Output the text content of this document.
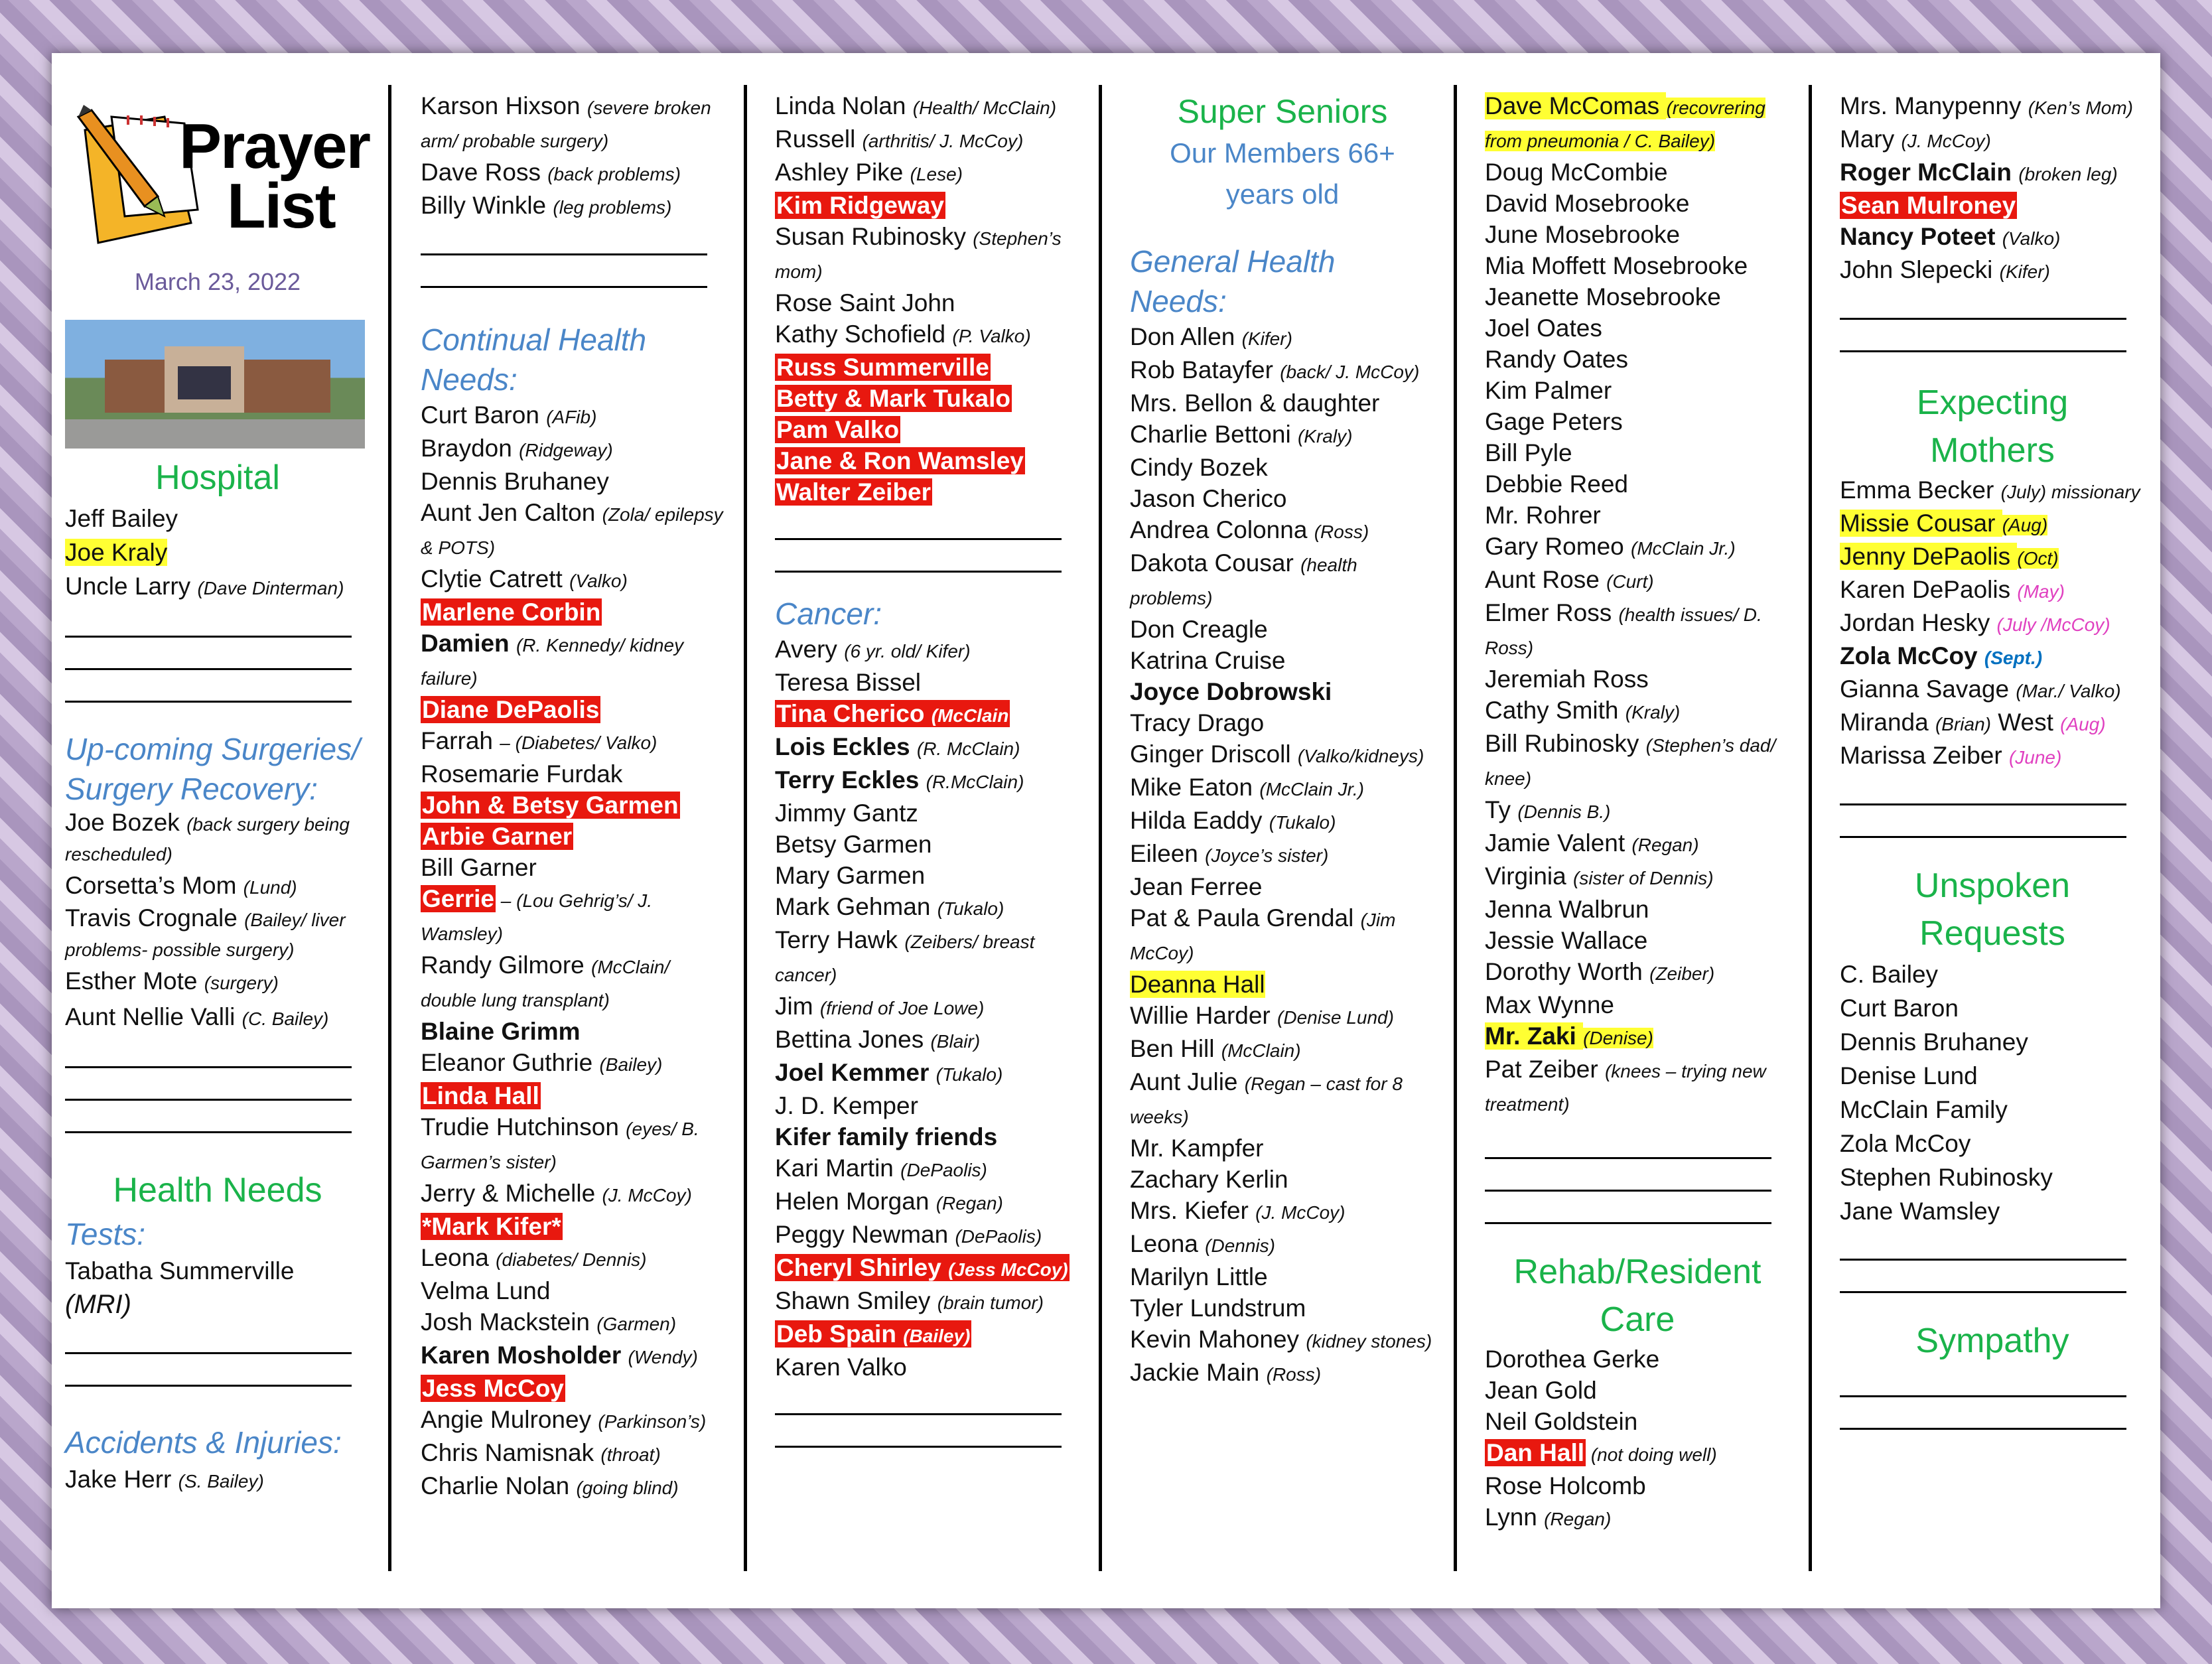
Prayer
List
March 23, 2022
Hospital
Jeff Bailey
Joe Kraly
Uncle Larry (Dave Dinterman)
Up-coming Surgeries/ Surgery Recovery:
Joe Bozek (back surgery being rescheduled)
Corsetta’s Mom (Lund)
Travis Crognale (Bailey/ liver problems- possible surgery)
Esther Mote (surgery)
Aunt Nellie Valli (C. Bailey)
Health Needs
Tests:
Tabatha Summerville
(MRI)
Accidents & Injuries:
Jake Herr (S. Bailey)
Karson Hixson (severe broken arm/ probable surgery)
Dave Ross (back problems)
Billy Winkle (leg problems)
Continual Health Needs:
Curt Baron (AFib)
Braydon (Ridgeway)
Dennis Bruhaney
Aunt Jen Calton (Zola/ epilepsy & POTS)
Clytie Catrett (Valko)
Marlene Corbin
Damien (R. Kennedy/ kidney failure)
Diane DePaolis
Farrah – (Diabetes/ Valko)
Rosemarie Furdak
John & Betsy Garmen
Arbie Garner
Bill Garner
Gerrie – (Lou Gehrig’s/ J. Wamsley)
Randy Gilmore (McClain/ double lung transplant)
Blaine Grimm
Eleanor Guthrie (Bailey)
Linda Hall
Trudie Hutchinson (eyes/ B. Garmen’s sister)
Jerry & Michelle (J. McCoy)
*Mark Kifer*
Leona (diabetes/ Dennis)
Velma Lund
Josh Mackstein (Garmen)
Karen Mosholder (Wendy)
Jess McCoy
Angie Mulroney (Parkinson’s)
Chris Namisnak (throat)
Charlie Nolan (going blind)
Linda Nolan (Health/ McClain)
Russell (arthritis/ J. McCoy)
Ashley Pike (Lese)
Kim Ridgeway
Susan Rubinosky (Stephen’s mom)
Rose Saint John
Kathy Schofield (P. Valko)
Russ Summerville
Betty & Mark Tukalo
Pam Valko
Jane & Ron Wamsley
Walter Zeiber
Cancer:
Avery (6 yr. old/ Kifer)
Teresa Bissel
Tina Cherico (McClain
Lois Eckles (R. McClain)
Terry Eckles (R.McClain)
Jimmy Gantz
Betsy Garmen
Mary Garmen
Mark Gehman (Tukalo)
Terry Hawk (Zeibers/ breast cancer)
Jim (friend of Joe Lowe)
Bettina Jones (Blair)
Joel Kemmer (Tukalo)
J. D. Kemper
Kifer family friends
Kari Martin (DePaolis)
Helen Morgan (Regan)
Peggy Newman (DePaolis)
Cheryl Shirley (Jess McCoy)
Shawn Smiley (brain tumor)
Deb Spain (Bailey)
Karen Valko
Super Seniors
Our Members 66+
years old
General Health Needs:
Don Allen (Kifer)
Rob Batayfer (back/ J. McCoy)
Mrs. Bellon & daughter
Charlie Bettoni (Kraly)
Cindy Bozek
Jason Cherico
Andrea Colonna (Ross)
Dakota Cousar (health problems)
Don Creagle
Katrina Cruise
Joyce Dobrowski
Tracy Drago
Ginger Driscoll (Valko/kidneys)
Mike Eaton (McClain Jr.)
Hilda Eaddy (Tukalo)
Eileen (Joyce’s sister)
Jean Ferree
Pat & Paula Grendal (Jim McCoy)
Deanna Hall
Willie Harder (Denise Lund)
Ben Hill (McClain)
Aunt Julie (Regan – cast for 8 weeks)
Mr. Kampfer
Zachary Kerlin
Mrs. Kiefer (J. McCoy)
Leona (Dennis)
Marilyn Little
Tyler Lundstrum
Kevin Mahoney (kidney stones)
Jackie Main (Ross)
Dave McComas (recovrering from pneumonia / C. Bailey)
Doug McCombie
David Mosebrooke
June Mosebrooke
Mia Moffett Mosebrooke
Jeanette Mosebrooke
Joel Oates
Randy Oates
Kim Palmer
Gage Peters
Bill Pyle
Debbie Reed
Mr. Rohrer
Gary Romeo (McClain Jr.)
Aunt Rose (Curt)
Elmer Ross (health issues/ D. Ross)
Jeremiah Ross
Cathy Smith (Kraly)
Bill Rubinosky (Stephen’s dad/ knee)
Ty (Dennis B.)
Jamie Valent (Regan)
Virginia (sister of Dennis)
Jenna Walbrun
Jessie Wallace
Dorothy Worth (Zeiber)
Max Wynne
Mr. Zaki (Denise)
Pat Zeiber (knees – trying new treatment)
Rehab/Resident
Care
Dorothea Gerke
Jean Gold
Neil Goldstein
Dan Hall (not doing well)
Rose Holcomb
Lynn (Regan)
Mrs. Manypenny (Ken’s Mom)
Mary (J. McCoy)
Roger McClain (broken leg)
Sean Mulroney
Nancy Poteet (Valko)
John Slepecki (Kifer)
Expecting
Mothers
Emma Becker (July) missionary
Missie Cousar (Aug)
Jenny DePaolis (Oct)
Karen DePaolis (May)
Jordan Hesky (July /McCoy)
Zola McCoy (Sept.)
Gianna Savage (Mar./ Valko)
Miranda (Brian) West (Aug)
Marissa Zeiber (June)
Unspoken
Requests
C. Bailey
Curt Baron
Dennis Bruhaney
Denise Lund
McClain Family
Zola McCoy
Stephen Rubinosky
Jane Wamsley
Sympathy
